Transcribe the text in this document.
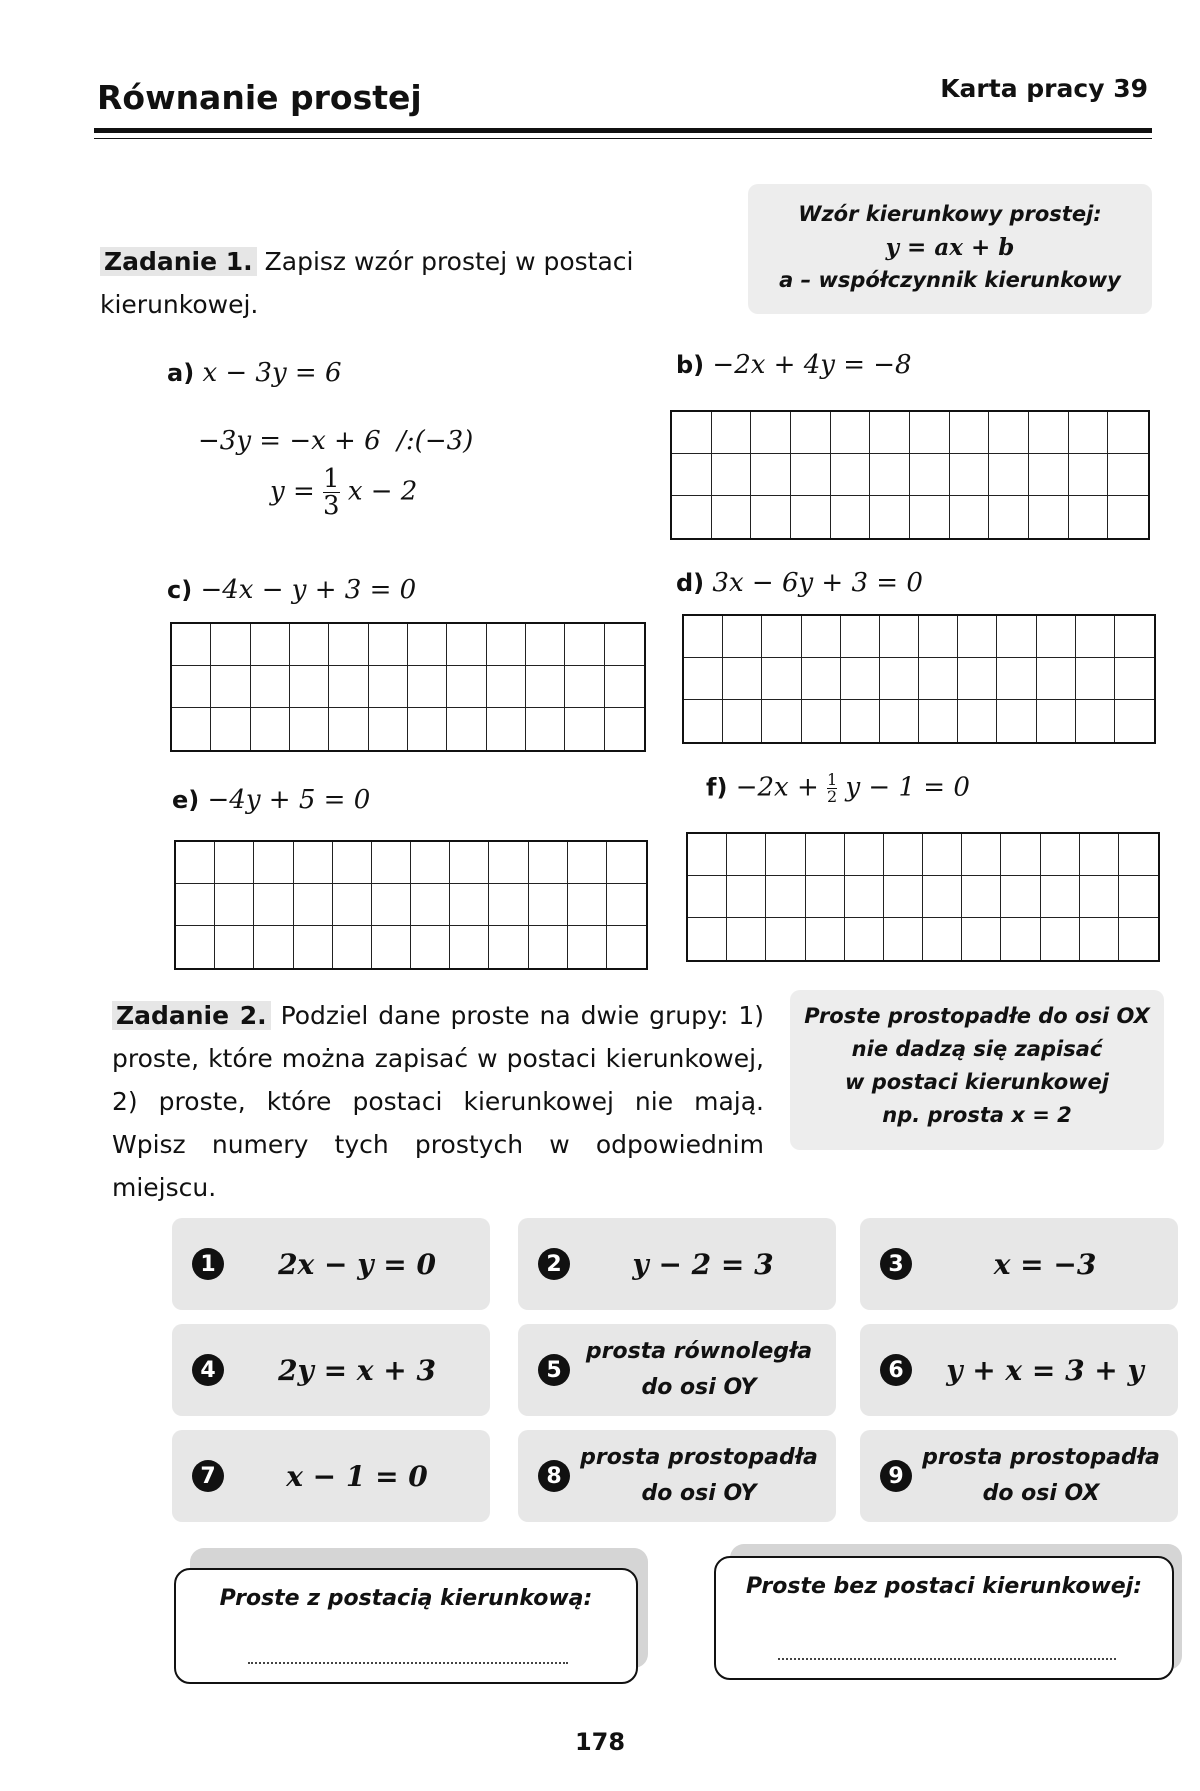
Równanie prostej	Karta pracy 39
Wzór kierunkowy prostej:
y = ax + b
a – współczynnik kierunkowy
Zadanie 1. Zapisz wzór prostej w postaci kierunkowej.
a) x − 3y = 6
−3y = −x + 6  /:(−3)
$y = \frac{1}{3}$ x − 2
b) −2x + 4y = −8
c) −4x − y + 3 = 0	d) 3x − 6y + 3 = 0
e) −4y + 5 = 0	$f) -2x + \frac{1}{2}$ y − 1 = 0
Zadanie 2. Podziel dane proste na dwie grupy: 1) proste, które można zapisać w postaci kierunkowej, 2) proste, które postaci kierunkowej nie mają. Wpisz numery tych prostych w odpowiednim miejscu.
Proste prostopadłe do osi OX
nie dadzą się zapisać
w postaci kierunkowej
np. prosta x = 2
1	2x − y = 0	2	y − 2 = 3	3	x = −3
4	2y = x + 3	5
prosta równoległa
do osi OY
6	y + x = 3 + y
7	x − 1 = 0	8
prosta prostopadła
do osi OY
9
prosta prostopadła
do osi OX
Proste z postacią kierunkową:	Proste bez postaci kierunkowej:
178
